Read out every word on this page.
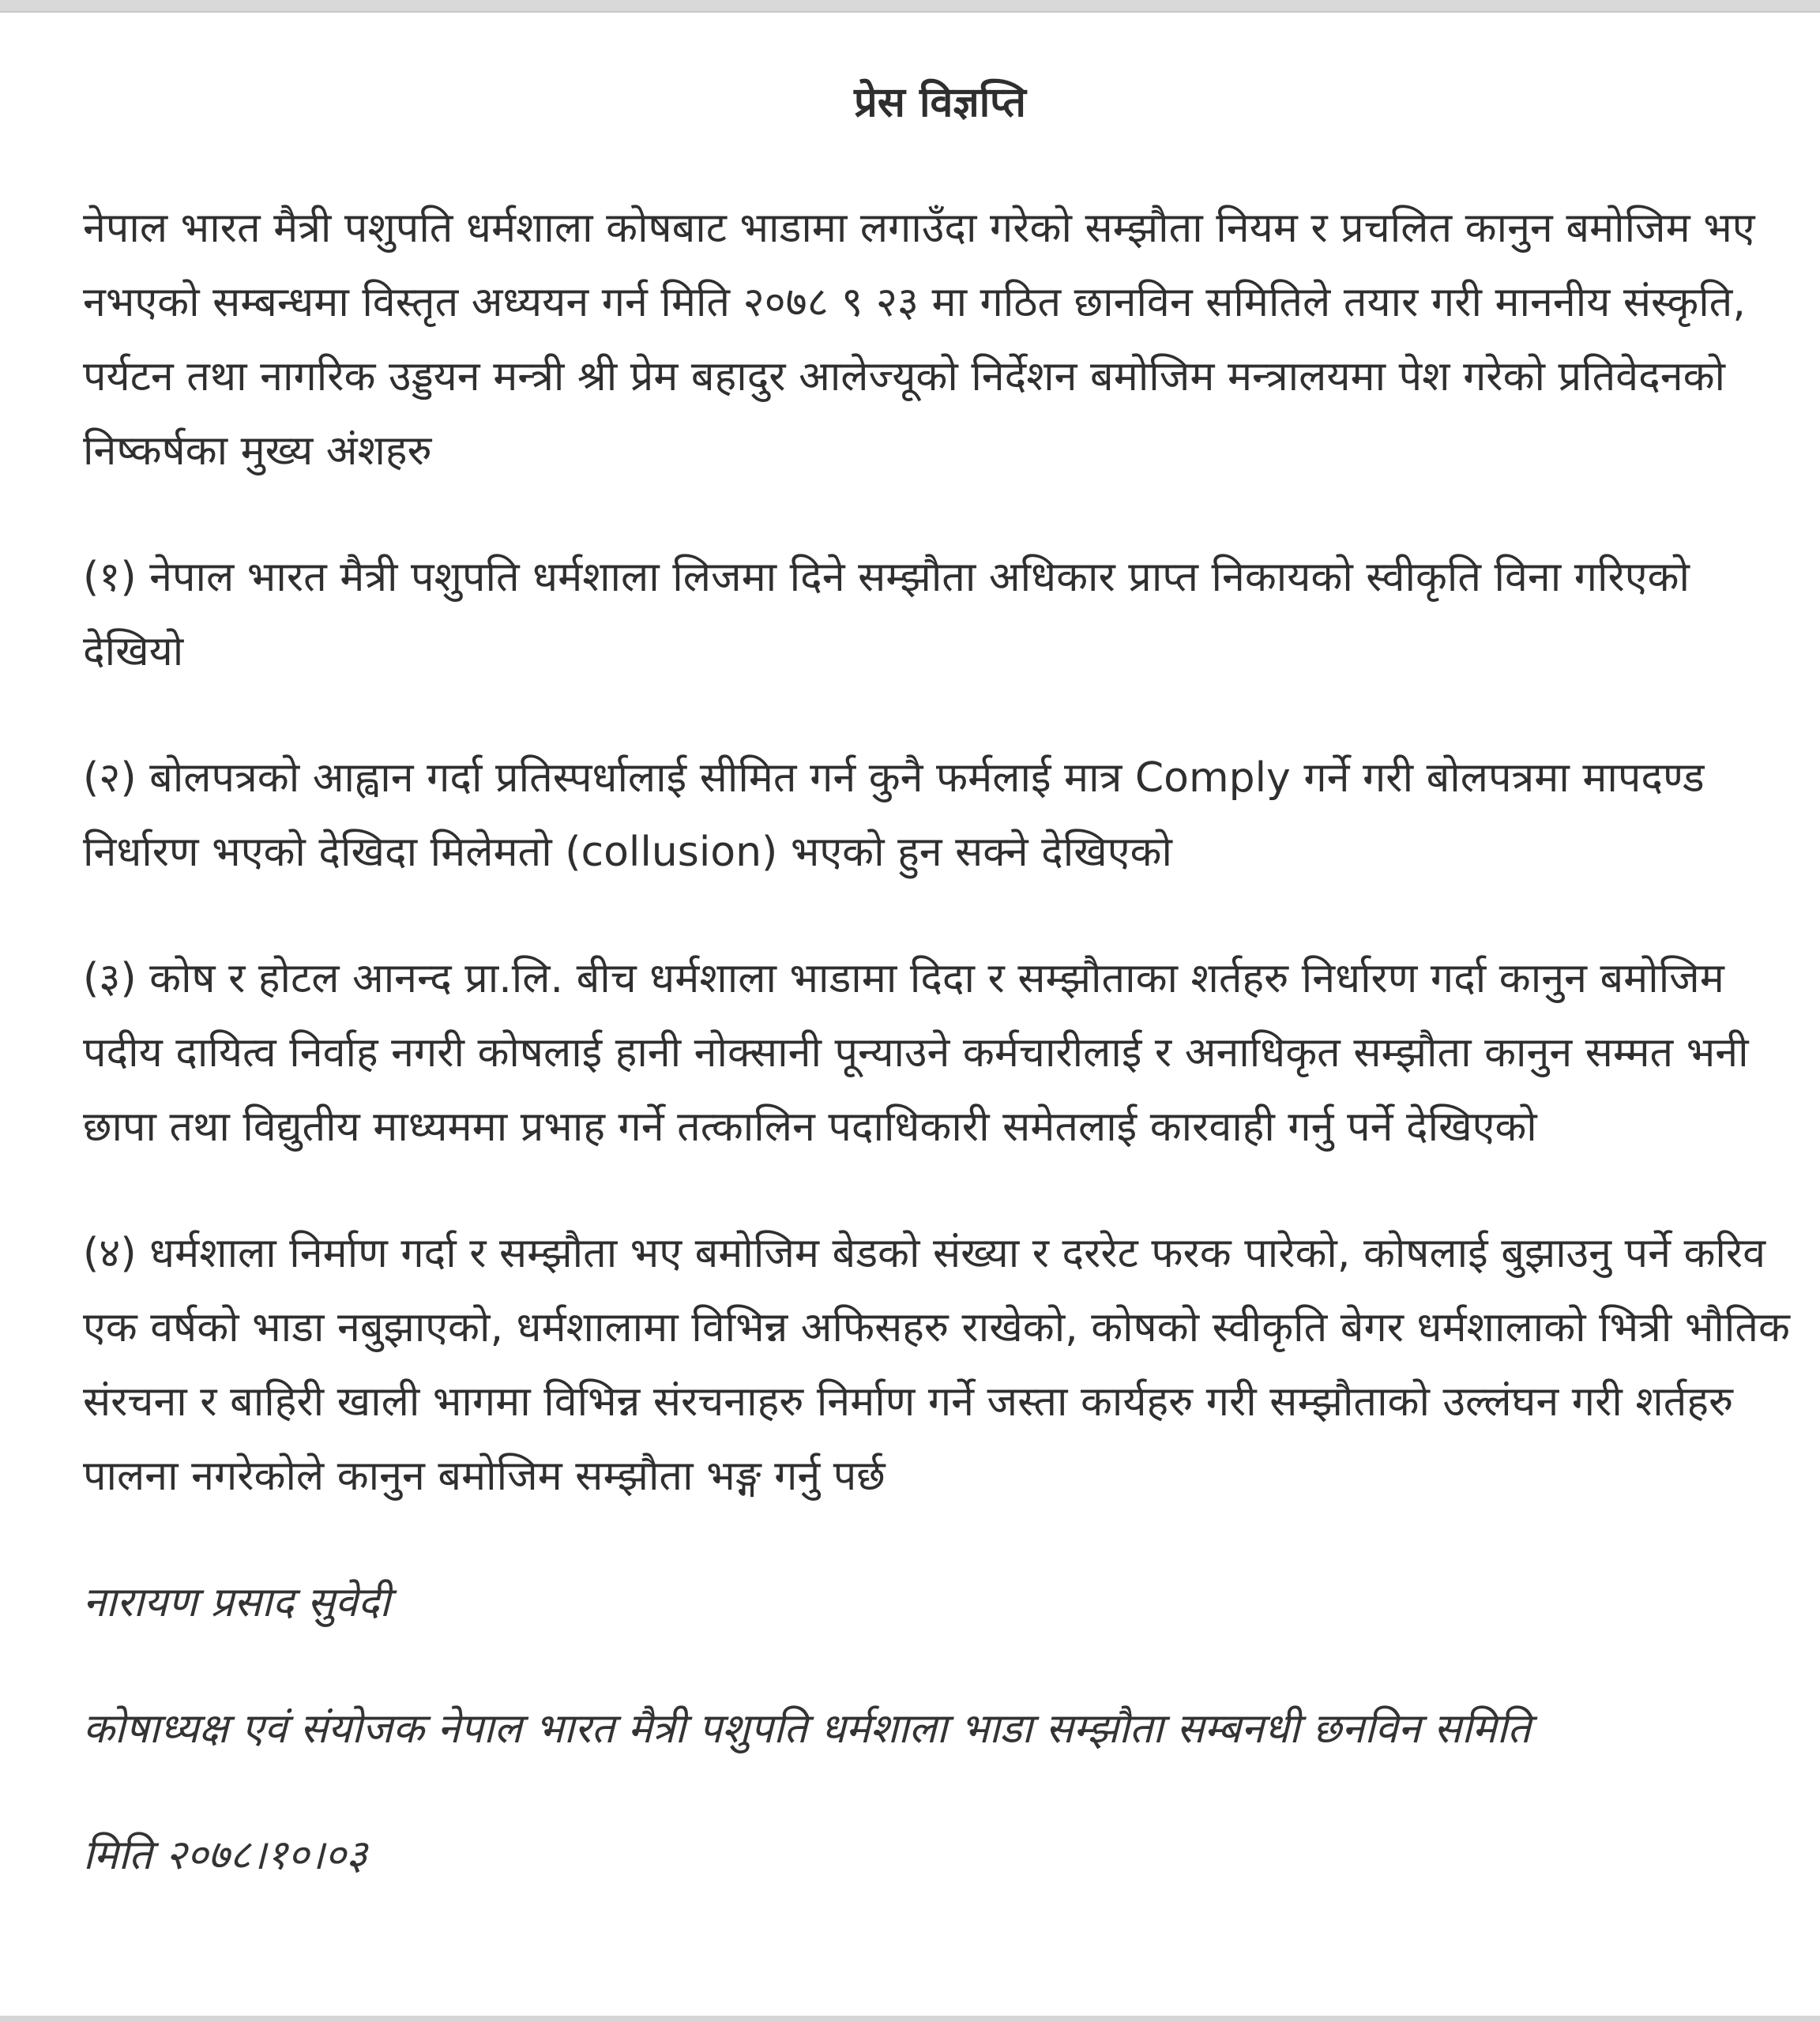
प्रेस विज्ञप्ति

नेपाल भारत मैत्री पशुपति धर्मशाला कोषबाट भाडामा लगाउँदा गरेको सम्झौता नियम र प्रचलित कानुन बमोजिम भए नभएको सम्बन्धमा विस्तृत अध्ययन गर्न मिति २०७८ ९ २३ मा गठित छानविन समितिले तयार गरी माननीय संस्कृति, पर्यटन तथा नागरिक उड्डयन मन्त्री श्री प्रेम बहादुर आलेज्यूको निर्देशन बमोजिम मन्त्रालयमा पेश गरेको प्रतिवेदनको निष्कर्षका मुख्य अंशहरु

(१) नेपाल भारत मैत्री पशुपति धर्मशाला लिजमा दिने सम्झौता अधिकार प्राप्त निकायको स्वीकृति विना गरिएको देखियो

(२) बोलपत्रको आह्वान गर्दा प्रतिस्पर्धालाई सीमित गर्न कुनै फर्मलाई मात्र Comply गर्ने गरी बोलपत्रमा मापदण्ड निर्धारण भएको देखिदा मिलेमतो (collusion) भएको हुन सक्ने देखिएको

(३) कोष र होटल आनन्द प्रा.लि. बीच धर्मशाला भाडामा दिदा र सम्झौताका शर्तहरु निर्धारण गर्दा कानुन बमोजिम पदीय दायित्व निर्वाह नगरी कोषलाई हानी नोक्सानी पून्याउने कर्मचारीलाई र अनाधिकृत सम्झौता कानुन सम्मत भनी छापा तथा विद्युतीय माध्यममा प्रभाह गर्ने तत्कालिन पदाधिकारी समेतलाई कारवाही गर्नु पर्ने देखिएको

(४) धर्मशाला निर्माण गर्दा र सम्झौता भए बमोजिम बेडको संख्या र दररेट फरक पारेको, कोषलाई बुझाउनु पर्ने करिव एक वर्षको भाडा नबुझाएको, धर्मशालामा विभिन्न अफिसहरु राखेको, कोषको स्वीकृति बेगर धर्मशालाको भित्री भौतिक संरचना र बाहिरी खाली भागमा विभिन्न संरचनाहरु निर्माण गर्ने जस्ता कार्यहरु गरी सम्झौताको उल्लंघन गरी शर्तहरु पालना नगरेकोले कानुन बमोजिम सम्झौता भङ्ग गर्नु पर्छ

नारायण प्रसाद सुवेदी

कोषाध्यक्ष एवं संयोजक नेपाल भारत मैत्री पशुपति धर्मशाला भाडा सम्झौता सम्बनधी छनविन समिति

मिति २०७८।१०।०३
